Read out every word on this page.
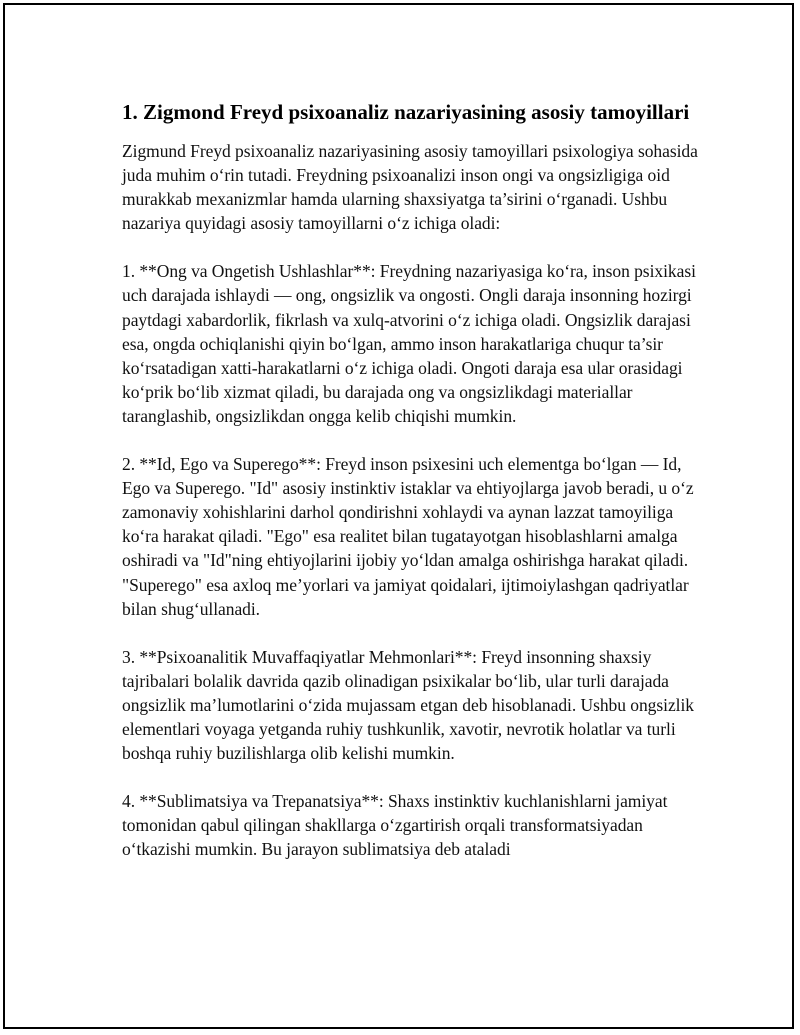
1. Zigmond Freyd psixoanaliz nazariyasining asosiy tamoyillari

Zigmund Freyd psixoanaliz nazariyasining asosiy tamoyillari psixologiya sohasida juda muhim o‘rin tutadi. Freydning psixoanalizi inson ongi va ongsizligiga oid murakkab mexanizmlar hamda ularning shaxsiyatga ta’sirini o‘rganadi. Ushbu nazariya quyidagi asosiy tamoyillarni o‘z ichiga oladi:

1. **Ong va Ongetish Ushlashlar**: Freydning nazariyasiga ko‘ra, inson psixikasi uch darajada ishlaydi — ong, ongsizlik va ongosti. Ongli daraja insonning hozirgi paytdagi xabardorlik, fikrlash va xulq-atvorini o‘z ichiga oladi. Ongsizlik darajasi esa, ongda ochiqlanishi qiyin bo‘lgan, ammo inson harakatlariga chuqur ta’sir ko‘rsatadigan xatti-harakatlarni o‘z ichiga oladi. Ongoti daraja esa ular orasidagi ko‘prik bo‘lib xizmat qiladi, bu darajada ong va ongsizlikdagi materiallar taranglashib, ongsizlikdan ongga kelib chiqishi mumkin.

2. **Id, Ego va Superego**: Freyd inson psixesini uch elementga bo‘lgan — Id, Ego va Superego. "Id" asosiy instinktiv istaklar va ehtiyojlarga javob beradi, u o‘z zamonaviy xohishlarini darhol qondirishni xohlaydi va aynan lazzat tamoyiliga ko‘ra harakat qiladi. "Ego" esa realitet bilan tugatayotgan hisoblashlarni amalga oshiradi va "Id"ning ehtiyojlarini ijobiy yo‘ldan amalga oshirishga harakat qiladi. "Superego" esa axloq me’yorlari va jamiyat qoidalari, ijtimoiylashgan qadriyatlar bilan shug‘ullanadi.

3. **Psixoanalitik Muvaffaqiyatlar Mehmonlari**: Freyd insonning shaxsiy tajribalari bolalik davrida qazib olinadigan psixikalar bo‘lib, ular turli darajada ongsizlik ma’lumotlarini o‘zida mujassam etgan deb hisoblanadi. Ushbu ongsizlik elementlari voyaga yetganda ruhiy tushkunlik, xavotir, nevrotik holatlar va turli boshqa ruhiy buzilishlarga olib kelishi mumkin.

4. **Sublimatsiya va Trepanatsiya**: Shaxs instinktiv kuchlanishlarni jamiyat tomonidan qabul qilingan shakllarga o‘zgartirish orqali transformatsiyadan o‘tkazishi mumkin. Bu jarayon sublimatsiya deb ataladi
